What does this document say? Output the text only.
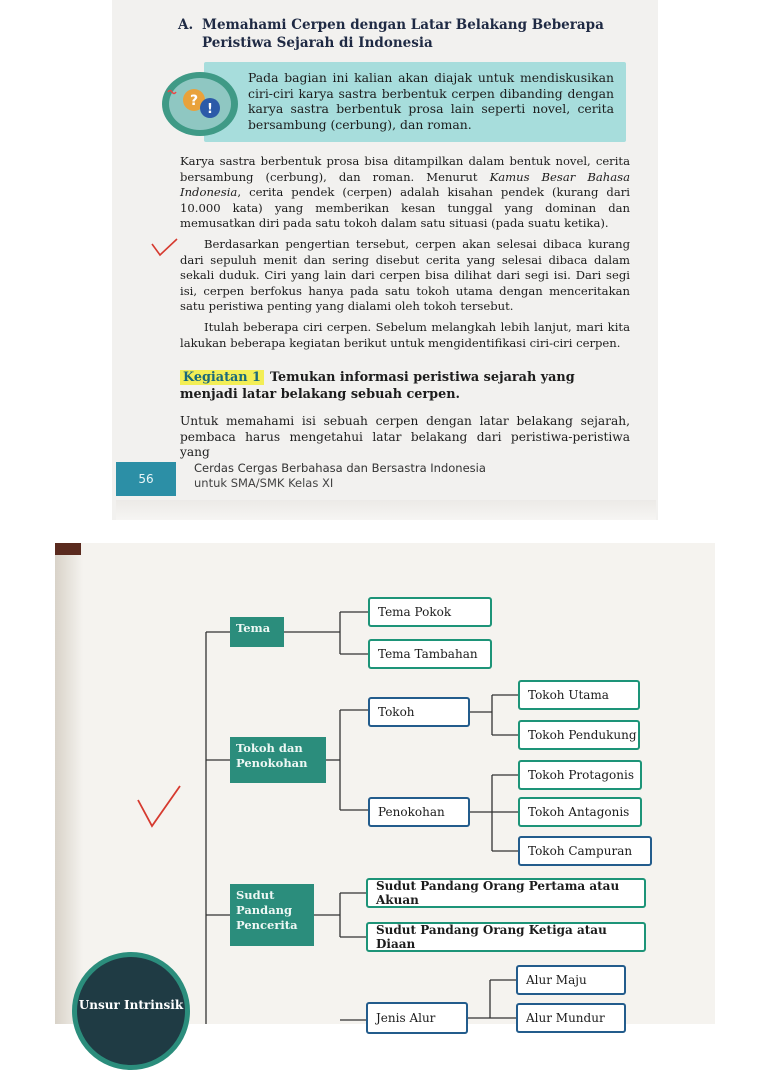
A. Memahami Cerpen dengan Latar Belakang Beberapa
Peristiwa Sejarah di Indonesia
?
!
Pada bagian ini kalian akan diajak untuk mendiskusikan ciri-ciri karya sastra berbentuk cerpen dibanding dengan karya sastra berbentuk prosa lain seperti novel, cerita bersambung (cerbung), dan roman.

Karya sastra berbentuk prosa bisa ditampilkan dalam bentuk novel, cerita bersambung (cerbung), dan roman. Menurut Kamus Besar Bahasa Indonesia, cerita pendek (cerpen) adalah kisahan pendek (kurang dari 10.000 kata) yang memberikan kesan tunggal yang dominan dan memusatkan diri pada satu tokoh dalam satu situasi (pada suatu ketika).

Berdasarkan pengertian tersebut, cerpen akan selesai dibaca kurang dari sepuluh menit dan sering disebut cerita yang selesai dibaca dalam sekali duduk. Ciri yang lain dari cerpen bisa dilihat dari segi isi. Dari segi isi, cerpen berfokus hanya pada satu tokoh utama dengan menceritakan satu peristiwa penting yang dialami oleh tokoh tersebut.

Itulah beberapa ciri cerpen. Sebelum melangkah lebih lanjut, mari kita lakukan beberapa kegiatan berikut untuk mengidentifikasi ciri-ciri cerpen.

Kegiatan 1 Temukan informasi peristiwa sejarah yang menjadi latar belakang sebuah cerpen.

Untuk memahami isi sebuah cerpen dengan latar belakang sejarah, pembaca harus mengetahui latar belakang dari peristiwa-peristiwa yang

56
Cerdas Cergas Berbahasa dan Bersastra Indonesia
untuk SMA/SMK Kelas XI
Tema
Tokoh dan Penokohan
Sudut Pandang Pencerita
Tema Pokok
Tema Tambahan
Tokoh
Penokohan
Tokoh Utama
Tokoh Pendukung
Tokoh Protagonis
Tokoh Antagonis
Tokoh Campuran
Sudut Pandang Orang Pertama atau Akuan
Sudut Pandang Orang Ketiga atau Diaan
Jenis Alur
Alur Maju
Alur Mundur
Unsur Intrinsik
